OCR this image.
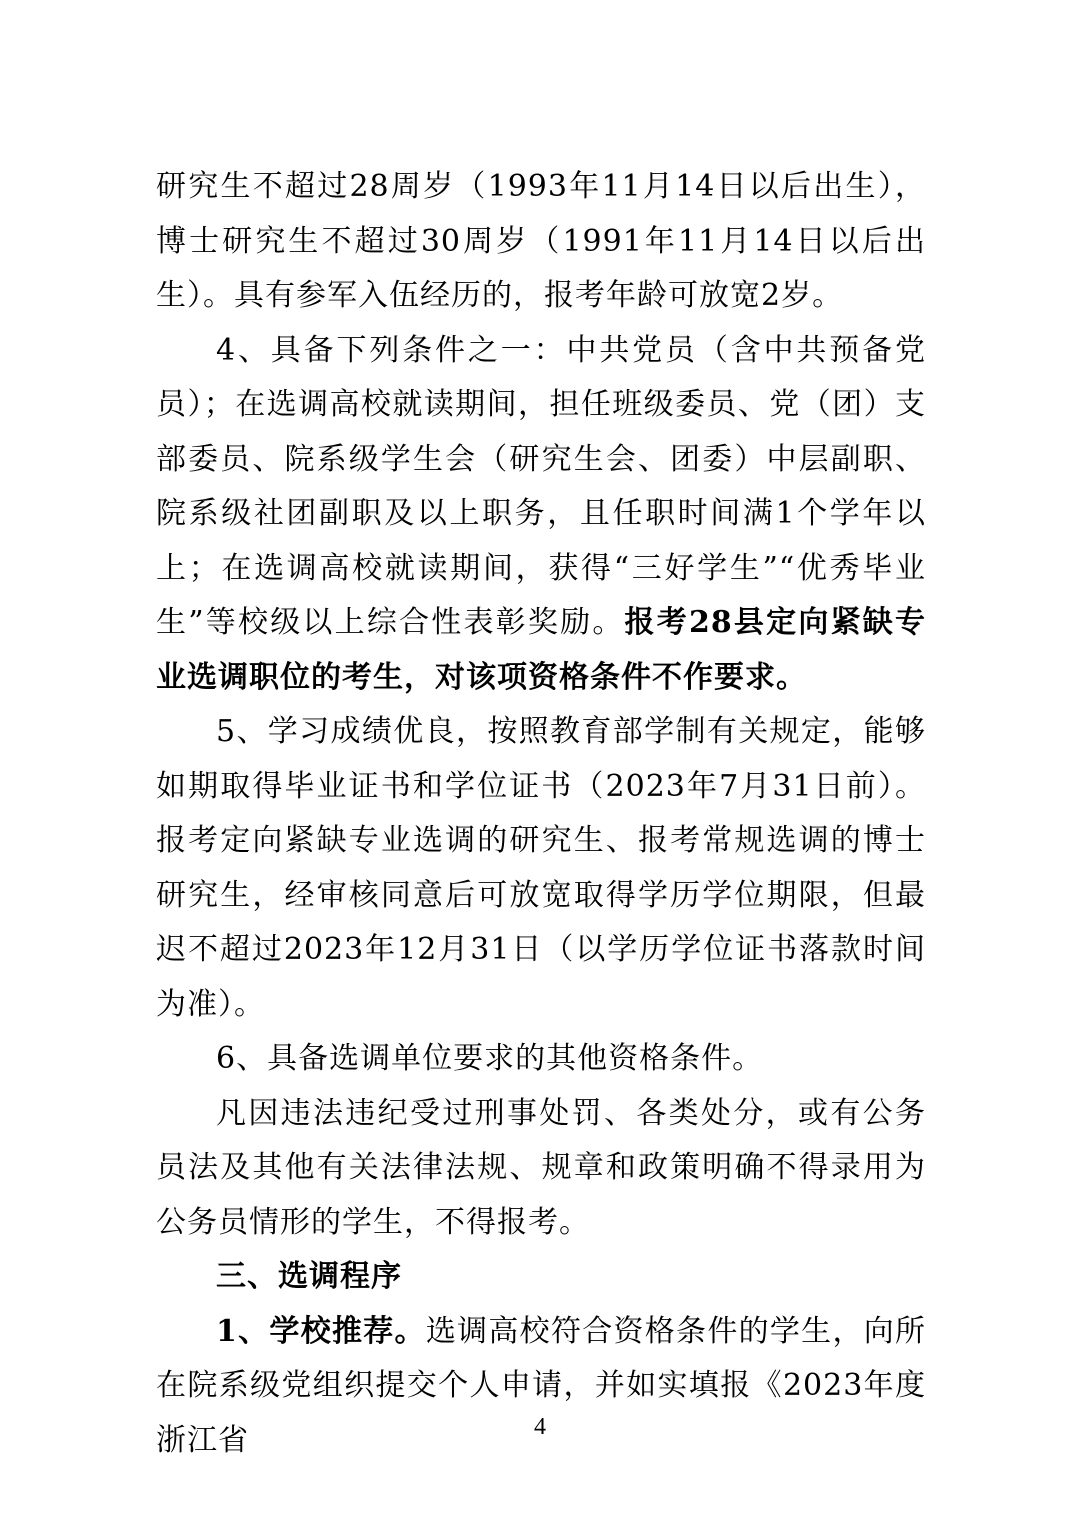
研究生不超过28周岁（1993年11月14日以后出生），博士研究生不超过30周岁（1991年11月14日以后出生）。具有参军入伍经历的，报考年龄可放宽2岁。

4、具备下列条件之一：中共党员（含中共预备党员）；在选调高校就读期间，担任班级委员、党（团）支部委员、院系级学生会（研究生会、团委）中层副职、院系级社团副职及以上职务，且任职时间满1个学年以上；在选调高校就读期间，获得“三好学生”“优秀毕业生”等校级以上综合性表彰奖励。报考28县定向紧缺专业选调职位的考生，对该项资格条件不作要求。

5、学习成绩优良，按照教育部学制有关规定，能够如期取得毕业证书和学位证书（2023年7月31日前）。报考定向紧缺专业选调的研究生、报考常规选调的博士研究生，经审核同意后可放宽取得学历学位期限，但最迟不超过2023年12月31日（以学历学位证书落款时间为准）。

6、具备选调单位要求的其他资格条件。

凡因违法违纪受过刑事处罚、各类处分，或有公务员法及其他有关法律法规、规章和政策明确不得录用为公务员情形的学生，不得报考。

三、选调程序

1、学校推荐。选调高校符合资格条件的学生，向所在院系级党组织提交个人申请，并如实填报《2023年度浙江省	4
